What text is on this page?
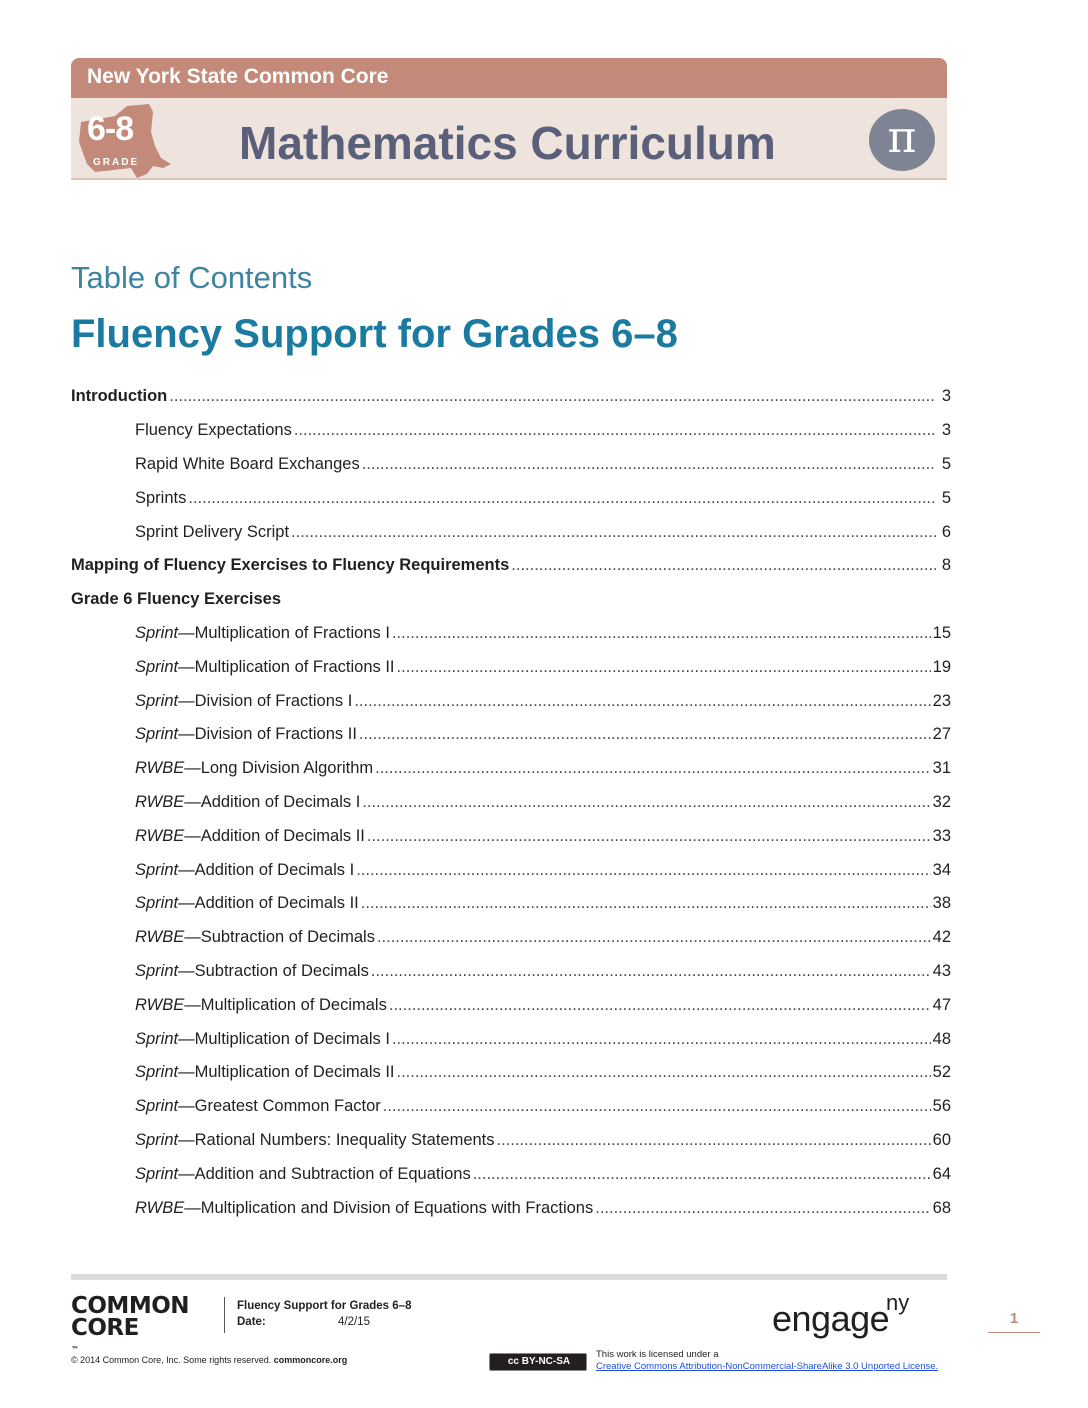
New York State Common Core
6-8
GRADE Mathematics Curriculum	π
Table of Contents
Fluency Support for Grades 6–8
Introduction .....	3
Fluency Expectations .....	3
Rapid White Board Exchanges .....	5
Sprints .....	5
Sprint Delivery Script .....	6
Mapping of Fluency Exercises to Fluency Requirements .....	8
Grade 6 Fluency Exercises
Sprint—Multiplication of Fractions I .....	15
Sprint—Multiplication of Fractions II .....	19
Sprint—Division of Fractions I .....	23
Sprint—Division of Fractions II .....	27
RWBE—Long Division Algorithm .....	31
RWBE—Addition of Decimals I .....	32
RWBE—Addition of Decimals II .....	33
Sprint—Addition of Decimals I .....	34
Sprint—Addition of Decimals II .....	38
RWBE—Subtraction of Decimals .....	42
Sprint—Subtraction of Decimals .....	43
RWBE—Multiplication of Decimals .....	47
Sprint—Multiplication of Decimals I .....	48
Sprint—Multiplication of Decimals II .....	52
Sprint—Greatest Common Factor .....	56
Sprint—Rational Numbers: Inequality Statements .....	60
Sprint—Addition and Subtraction of Equations .....	64
RWBE—Multiplication and Division of Equations with Fractions .....	68
COMMON
CORE
™
Fluency Support for Grades 6–8
Date:	4/2/15	engage
ny
1
© 2014 Common Core, Inc. Some rights reserved. commoncore.org	cc BY-NC-SA
This work is licensed under a
Creative Commons Attribution-NonCommercial-ShareAlike 3.0 Unported License.
